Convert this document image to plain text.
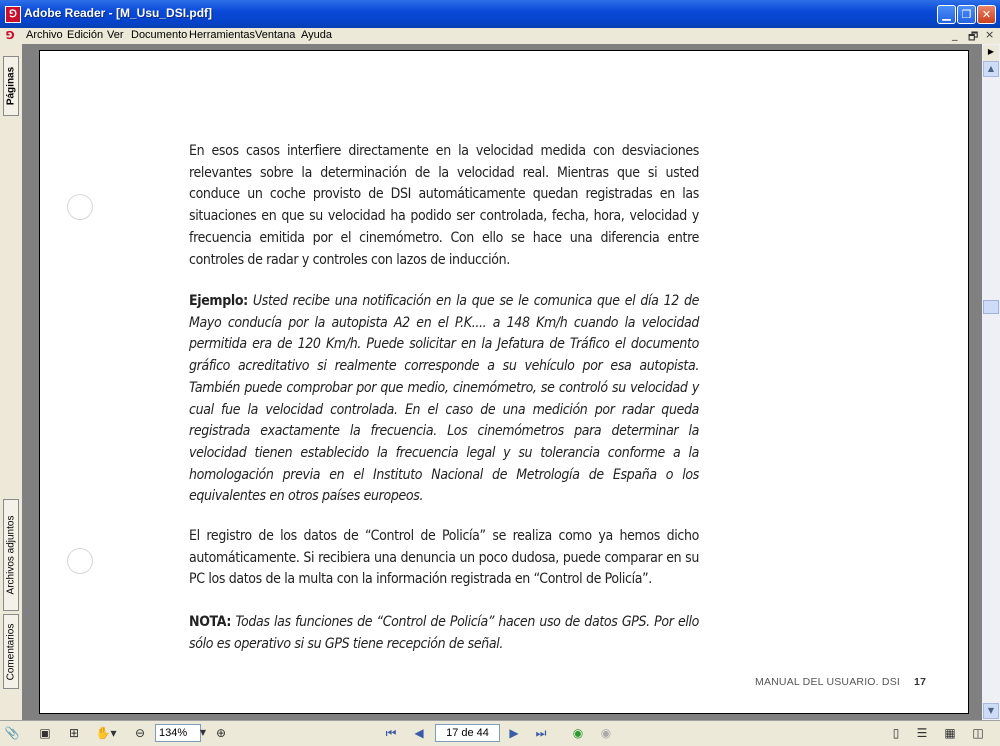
⅁ Adobe Reader - [M_Usu_DSI.pdf]	▁ ❐ ✕
⅁	Archivo Edición Ver Documento Herramientas Ventana Ayuda	_ 🗗 ×
Páginas
Archivos adjuntos
Comentarios
En esos casos interfiere directamente en la velocidad medida con desviaciones relevantes sobre la determinación de la velocidad real. Mientras que si usted conduce un coche provisto de DSI automáticamente quedan registradas en las situaciones en que su velocidad ha podido ser controlada, fecha, hora, velocidad y frecuencia emitida por el cinemómetro. Con ello se hace una diferencia entre controles de radar y controles con lazos de inducción.
Ejemplo: Usted recibe una notificación en la que se le comunica que el día 12 de Mayo conducía por la autopista A2 en el P.K.... a 148 Km/h cuando la velocidad permitida era de 120 Km/h. Puede solicitar en la Jefatura de Tráfico el documento gráfico acreditativo si realmente corresponde a su vehículo por esa autopista. También puede comprobar por que medio, cinemómetro, se controló su velocidad y cual fue la velocidad controlada. En el caso de una medición por radar queda registrada exactamente la frecuencia. Los cinemómetros para determinar la velocidad tienen establecido la frecuencia legal y su tolerancia conforme a la homologación previa en el Instituto Nacional de Metrología de España o los equivalentes en otros países europeos.
El registro de los datos de “Control de Policía” se realiza como ya hemos dicho automáticamente. Si recibiera una denuncia un poco dudosa, puede comparar en su PC los datos de la multa con la información registrada en “Control de Policía”.
NOTA: Todas las funciones de “Control de Policía” hacen uso de datos GPS. Por ello sólo es operativo si su GPS tiene recepción de señal.
MANUAL DEL USUARIO. DSI 17
▶
▲
▼
📎 ▣ ⊞ ✋▾ ⊖	134%	▼ ⊕	⏮ ◀	17 de 44	▶ ⏭ ◉ ◉	▯	☰ ▦ ◫
